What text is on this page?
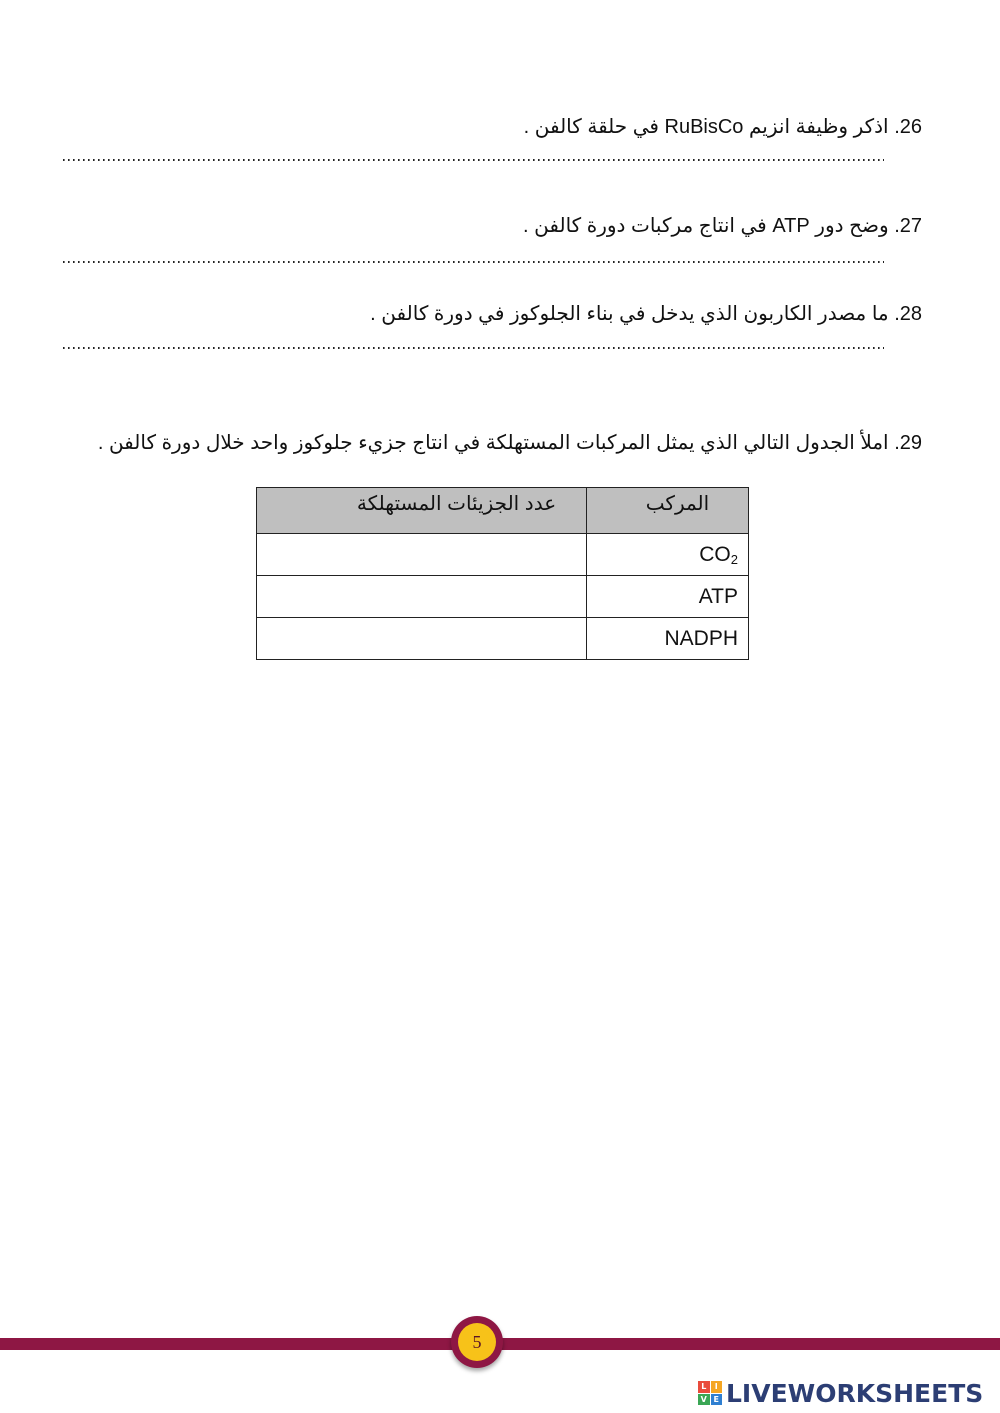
26. اذكر وظيفة انزيم RuBisCo في حلقة كالفن .
27. وضح دور ATP في انتاج مركبات دورة كالفن .
28. ما مصدر الكاربون الذي يدخل في بناء الجلوكوز في دورة كالفن .
29. املأ الجدول التالي الذي يمثل المركبات المستهلكة في انتاج جزيء جلوكوز واحد خلال دورة كالفن .
المركب	عدد الجزيئات المستهلكة
$CO_2$	
ATP	
NADPH	
5
L	I
V E LIVEWORKSHEETS
